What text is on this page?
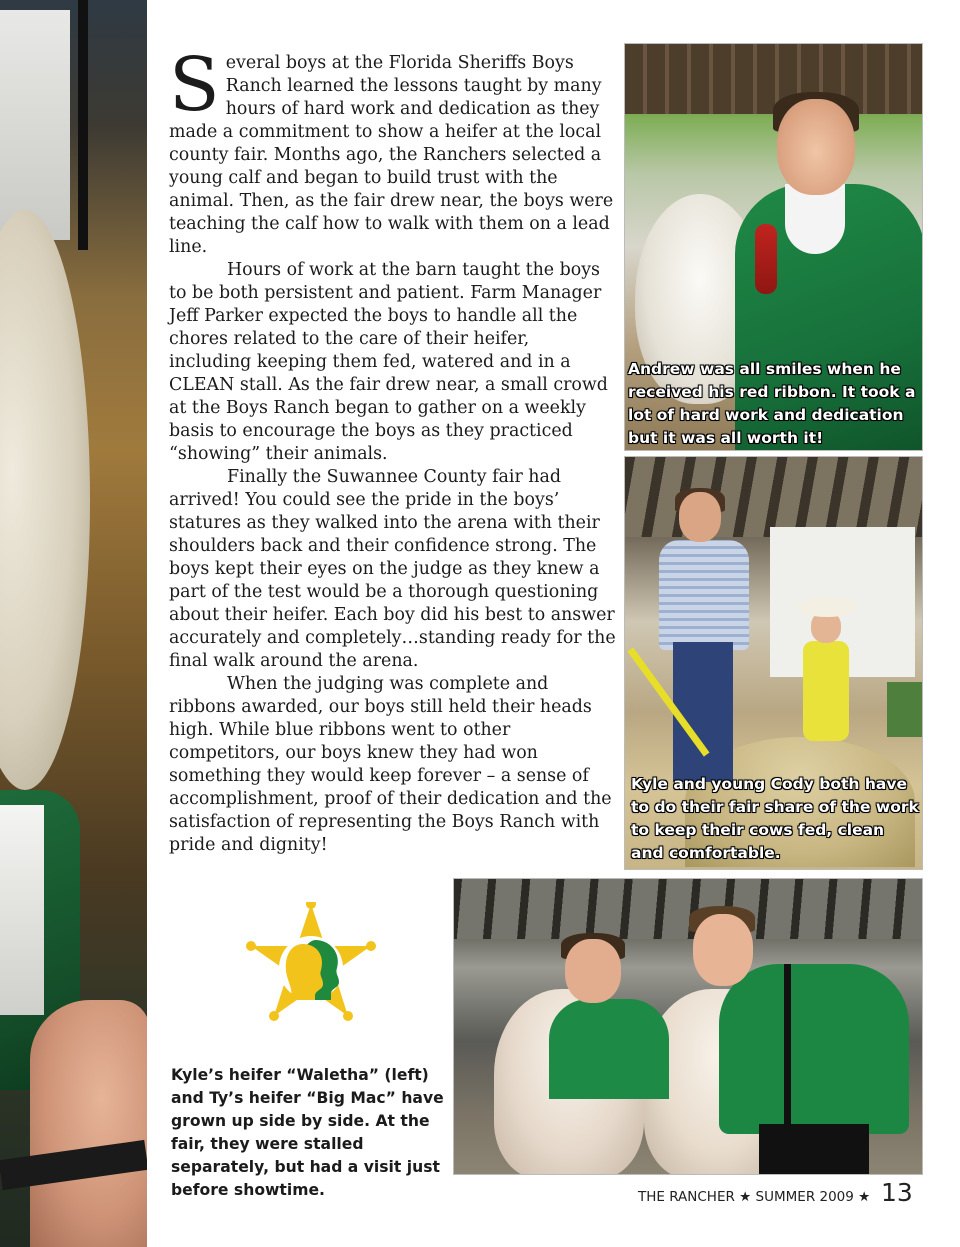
Several boys at the Florida Sheriffs Boys Ranch learned the lessons taught by many hours of hard work and dedication as they made a commitment to show a heifer at the local county fair. Months ago, the Ranchers selected a young calf and began to build trust with the animal. Then, as the fair drew near, the boys were teaching the calf how to walk with them on a lead line.

Hours of work at the barn taught the boys to be both persistent and patient. Farm Manager Jeff Parker expected the boys to handle all the chores related to the care of their heifer, including keeping them fed, watered and in a CLEAN stall. As the fair drew near, a small crowd at the Boys Ranch began to gather on a weekly basis to encourage the boys as they practiced “showing” their animals.

Finally the Suwannee County fair had arrived! You could see the pride in the boys’ statures as they walked into the arena with their shoulders back and their confidence strong. The boys kept their eyes on the judge as they knew a part of the test would be a thorough questioning about their heifer. Each boy did his best to answer accurately and completely…standing ready for the final walk around the arena.

When the judging was complete and ribbons awarded, our boys still held their heads high. While blue ribbons went to other competitors, our boys knew they had won something they would keep forever – a sense of accomplishment, proof of their dedication and the satisfaction of representing the Boys Ranch with pride and dignity!

Andrew was all smiles when he received his red ribbon. It took a lot of hard work and dedication but it was all worth it!
Kyle and young Cody both have to do their fair share of the work to keep their cows fed, clean and comfortable.
Kyle’s heifer “Waletha” (left) and Ty’s heifer “Big Mac” have grown up side by side. At the fair, they were stalled separately, but had a visit just before showtime.	THE RANCHER ★ SUMMER 2009 ★ 13
